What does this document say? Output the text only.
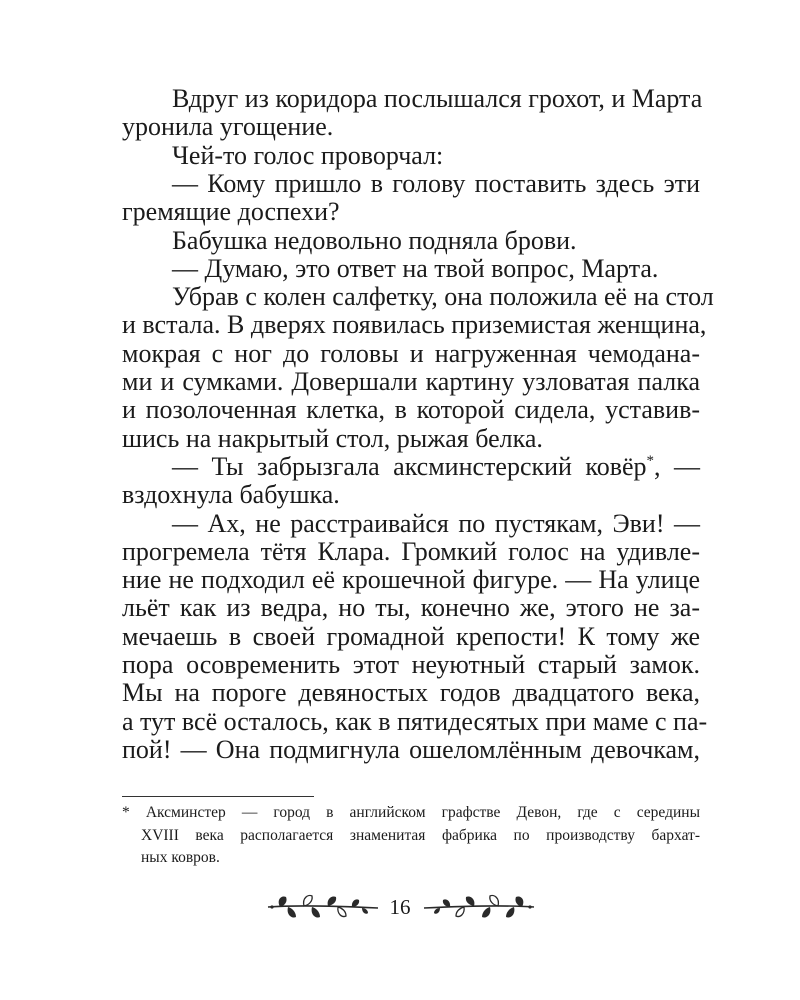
Вдруг из коридора послышался грохот, и Марта
уронила угощение.
Чей-то голос проворчал:
— Кому пришло в голову поставить здесь эти
гремящие доспехи?
Бабушка недовольно подняла брови.
— Думаю, это ответ на твой вопрос, Марта.
Убрав с колен салфетку, она положила её на стол
и встала. В дверях появилась приземистая женщина,
мокрая с ног до головы и нагруженная чемодана-
ми и сумками. Довершали картину узловатая палка
и позолоченная клетка, в которой сидела, уставив-
шись на накрытый стол, рыжая белка.
— Ты забрызгала аксминстерский ковёр*, —
вздохнула бабушка.
— Ах, не расстраивайся по пустякам, Эви! —
прогремела тётя Клара. Громкий голос на удивле-
ние не подходил её крошечной фигуре. — На улице
льёт как из ведра, но ты, конечно же, этого не за-
мечаешь в своей громадной крепости! К тому же
пора осовременить этот неуютный старый замок.
Мы на пороге девяностых годов двадцатого века,
а тут всё осталось, как в пятидесятых при маме с па-
пой! — Она подмигнула ошеломлённым девочкам,
* Аксминстер — город в английском графстве Девон, где с середины
XVIII века располагается знаменитая фабрика по производству бархат-
ных ковров.
16
